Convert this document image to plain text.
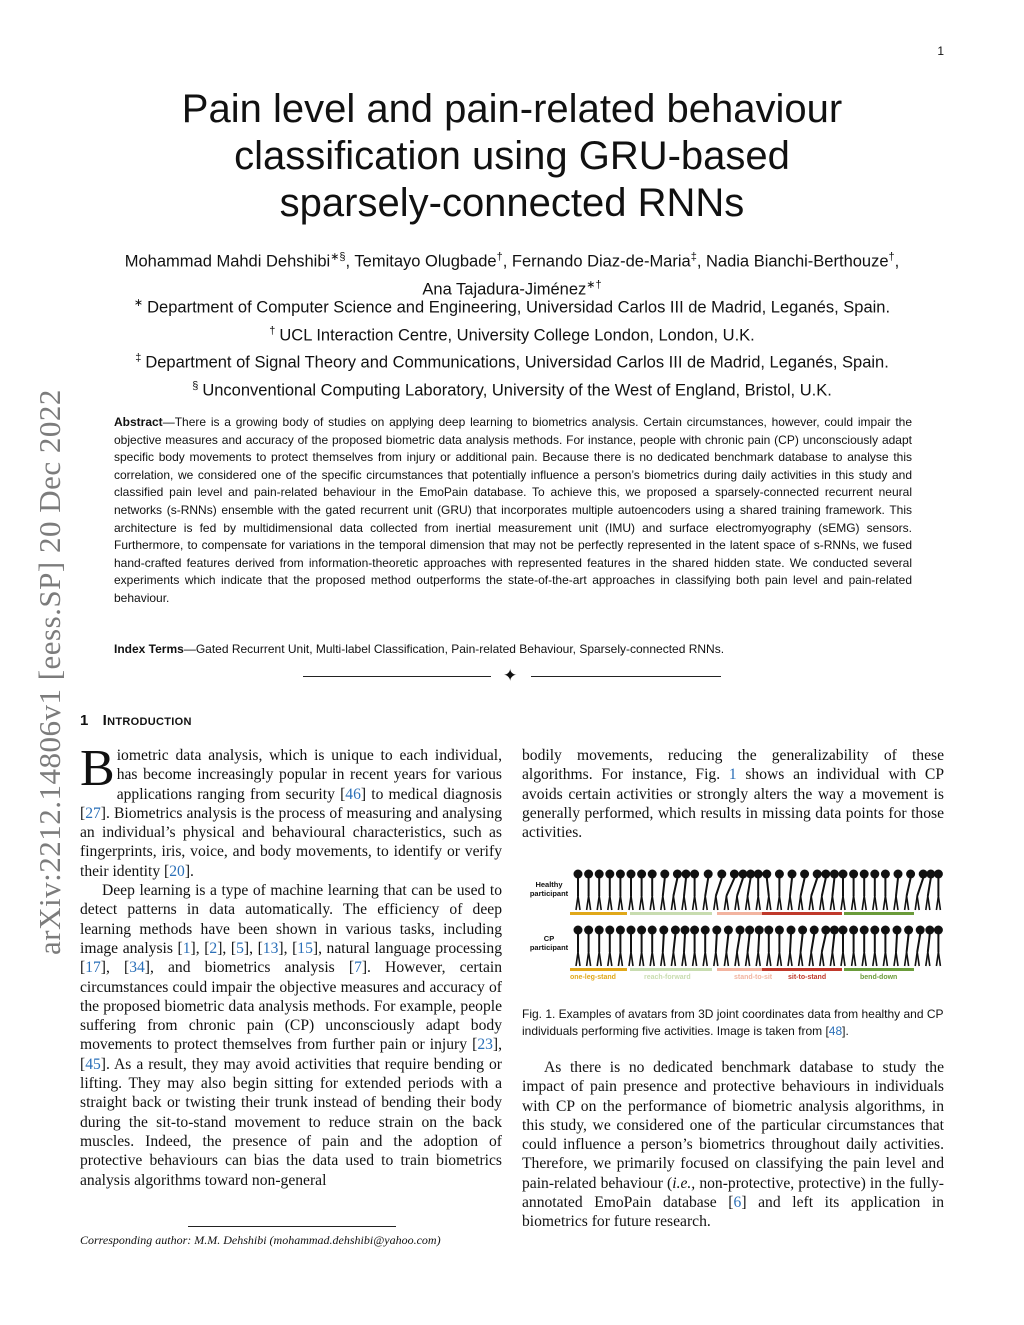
1
arXiv:2212.14806v1 [eess.SP] 20 Dec 2022
Pain level and pain-related behaviour
classification using GRU-based
sparsely-connected RNNs
Mohammad Mahdi Dehshibi∗§, Temitayo Olugbade†, Fernando Diaz-de-Maria‡, Nadia Bianchi-Berthouze†,
Ana Tajadura-Jiménez∗†
∗ Department of Computer Science and Engineering, Universidad Carlos III de Madrid, Leganés, Spain.
† UCL Interaction Centre, University College London, London, U.K.
‡ Department of Signal Theory and Communications, Universidad Carlos III de Madrid, Leganés, Spain.
§ Unconventional Computing Laboratory, University of the West of England, Bristol, U.K.

Abstract—There is a growing body of studies on applying deep learning to biometrics analysis. Certain circumstances, however, could impair the objective measures and accuracy of the proposed biometric data analysis methods. For instance, people with chronic pain (CP) unconsciously adapt specific body movements to protect themselves from injury or additional pain. Because there is no dedicated benchmark database to analyse this correlation, we considered one of the specific circumstances that potentially influence a person’s biometrics during daily activities in this study and classified pain level and pain-related behaviour in the EmoPain database. To achieve this, we proposed a sparsely-connected recurrent neural networks (s-RNNs) ensemble with the gated recurrent unit (GRU) that incorporates multiple autoencoders using a shared training framework. This architecture is fed by multidimensional data collected from inertial measurement unit (IMU) and surface electromyography (sEMG) sensors. Furthermore, to compensate for variations in the temporal dimension that may not be perfectly represented in the latent space of s-RNNs, we fused hand-crafted features derived from information-theoretic approaches with represented features in the shared hidden state. We conducted several experiments which indicate that the proposed method outperforms the state-of-the-art approaches in classifying both pain level and pain-related behaviour.

Index Terms—Gated Recurrent Unit, Multi-label Classification, Pain-related Behaviour, Sparsely-connected RNNs.

✦
1 Introduction

Biometric data analysis, which is unique to each individual, has become increasingly popular in recent years for various applications ranging from security [46] to medical diagnosis [27]. Biometrics analysis is the process of measuring and analysing an individual’s physical and behavioural characteristics, such as fingerprints, iris, voice, and body movements, to identify or verify their identity [20].

Deep learning is a type of machine learning that can be used to detect patterns in data automatically. The efficiency of deep learning methods have been shown in various tasks, including image analysis [1], [2], [5], [13], [15], natural language processing [17], [34], and biometrics analysis [7]. However, certain circumstances could impair the objective measures and accuracy of the proposed biometric data analysis methods. For example, people suffering from chronic pain (CP) unconsciously adapt body movements to protect themselves from further pain or injury [23], [45]. As a result, they may avoid activities that require bending or lifting. They may also begin sitting for extended periods with a straight back or twisting their trunk instead of bending their body during the sit-to-stand movement to reduce strain on the back muscles. Indeed, the presence of pain and the adoption of protective behaviours can bias the data used to train biometrics analysis algorithms toward non-general

bodily movements, reducing the generalizability of these algorithms. For instance, Fig. 1 shows an individual with CP avoids certain activities or strongly alters the way a movement is generally performed, which results in missing data points for those activities.

Healthy
participant
CP
participant
one-leg-stand	reach-forward	stand-to-sit sit-to-stand	bend-down

Fig. 1. Examples of avatars from 3D joint coordinates data from healthy and CP individuals performing five activities. Image is taken from [48].

As there is no dedicated benchmark database to study the impact of pain presence and protective behaviours in individuals with CP on the performance of biometric analysis algorithms, in this study, we considered one of the particular circumstances that could influence a person’s biometrics throughout daily activities. Therefore, we primarily focused on classifying the pain level and pain-related behaviour (i.e., non-protective, protective) in the fully-annotated EmoPain database [6] and left its application in biometrics for future research.

Corresponding author: M.M. Dehshibi (mohammad.dehshibi@yahoo.com)
